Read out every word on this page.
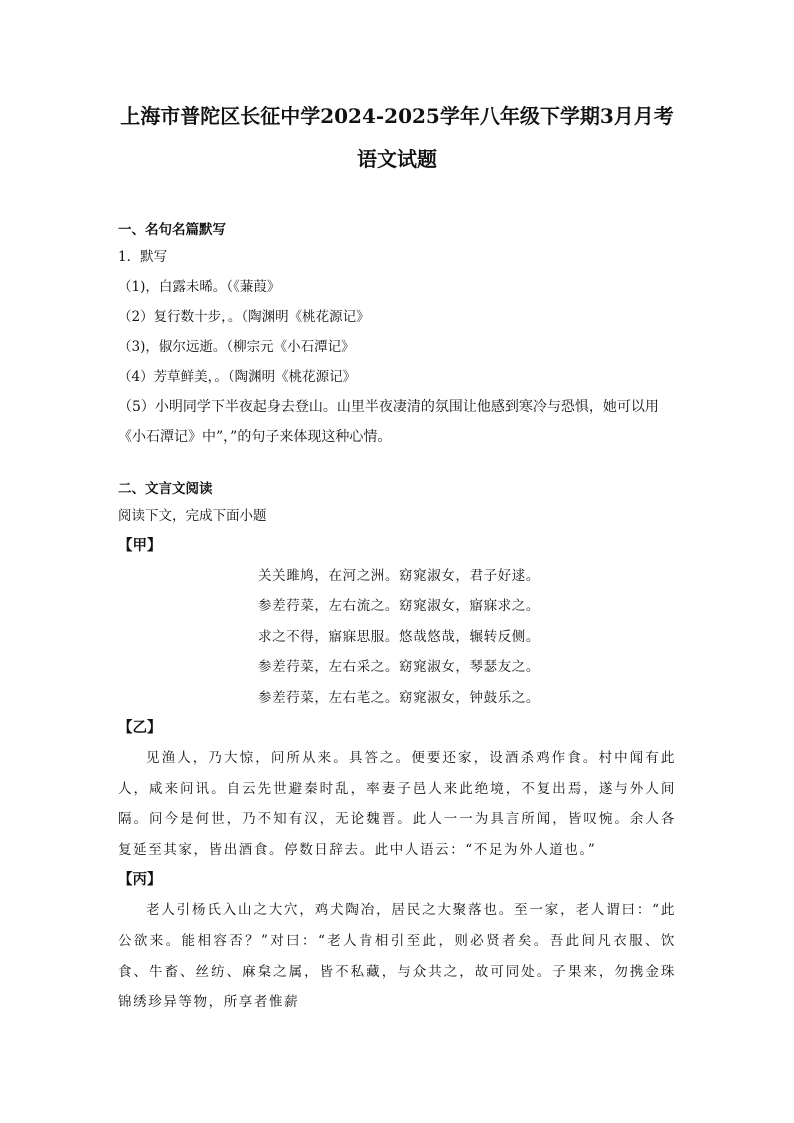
上海市普陀区长征中学2024-2025学年八年级下学期3月月考
语文试题
一、名句名篇默写
1．默写
（1)，白露未晞。（《蒹葭》
（2）复行数十步，。（陶渊明《桃花源记》
（3)，俶尔远逝。（柳宗元《小石潭记》
（4）芳草鲜美，。（陶渊明《桃花源记》
（5）小明同学下半夜起身去登山。山里半夜凄清的氛围让他感到寒冷与恐惧，她可以用《小石潭记》中”，”的句子来体现这种心情。
二、文言文阅读
阅读下文，完成下面小题
【甲】
关关雎鸠，在河之洲。窈窕淑女，君子好逑。
参差荇菜，左右流之。窈窕淑女，寤寐求之。
求之不得，寤寐思服。悠哉悠哉，辗转反侧。
参差荇菜，左右采之。窈窕淑女，琴瑟友之。
参差荇菜，左右芼之。窈窕淑女，钟鼓乐之。
【乙】
见渔人，乃大惊，问所从来。具答之。便要还家，设酒杀鸡作食。村中闻有此人，咸来问讯。自云先世避秦时乱，率妻子邑人来此绝境，不复出焉，遂与外人间隔。问今是何世，乃不知有汉，无论魏晋。此人一一为具言所闻，皆叹惋。余人各复延至其家，皆出酒食。停数日辞去。此中人语云：“不足为外人道也。”
【丙】
老人引杨氏入山之大穴，鸡犬陶冶，居民之大聚落也。至一家，老人谓曰：“此公欲来。能相容否？”对曰：“老人肯相引至此，则必贤者矣。吾此间凡衣服、饮食、牛畜、丝纺、麻枲之属，皆不私藏，与众共之，故可同处。子果来，勿携金珠锦绣珍异等物，所享者惟薪
